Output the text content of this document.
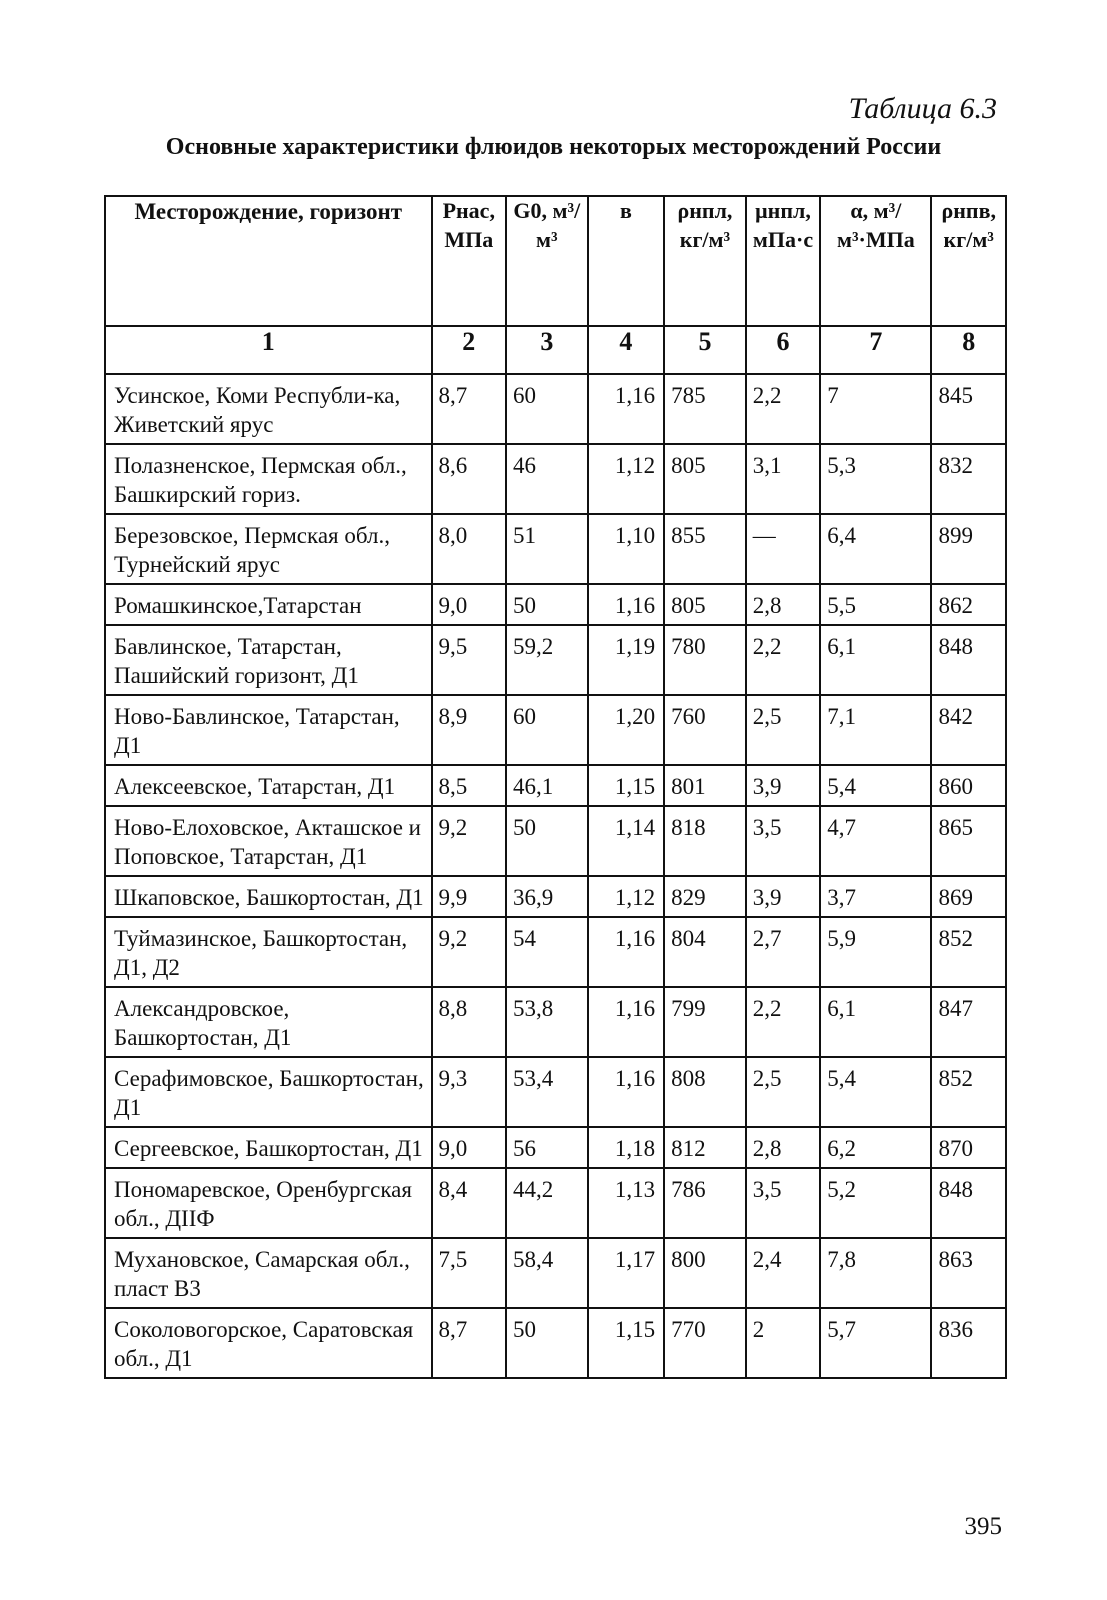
Таблица 6.3
Основные характеристики флюидов некоторых месторождений России
Месторождение, горизонт	Pнас, МПа	G0, м³/м³	в	ρнпл, кг/м³	μнпл, мПа·с	α, м³/м³·МПа	ρнпв, кг/м³
1	2	3	4	5	6	7	8
Усинское, Коми Республи-ка, Живетский ярус	8,7	60	1,16	785	2,2	7	845
Полазненское, Пермская обл., Башкирский гориз.	8,6	46	1,12	805	3,1	5,3	832
Березовское, Пермская обл., Турнейский ярус	8,0	51	1,10	855	—	6,4	899
Ромашкинское,Татарстан	9,0	50	1,16	805	2,8	5,5	862
Бавлинское, Татарстан, Пашийский горизонт, Д1	9,5	59,2	1,19	780	2,2	6,1	848
Ново-Бавлинское, Татарстан, Д1	8,9	60	1,20	760	2,5	7,1	842
Алексеевское, Татарстан, Д1	8,5	46,1	1,15	801	3,9	5,4	860
Ново-Елоховское, Акташское и Поповское, Татарстан, Д1	9,2	50	1,14	818	3,5	4,7	865
Шкаповское, Башкортостан, Д1	9,9	36,9	1,12	829	3,9	3,7	869
Туймазинское, Башкортостан, Д1, Д2	9,2	54	1,16	804	2,7	5,9	852
Александровское, Башкортостан, Д1	8,8	53,8	1,16	799	2,2	6,1	847
Серафимовское, Башкортостан, Д1	9,3	53,4	1,16	808	2,5	5,4	852
Сергеевское, Башкортостан, Д1	9,0	56	1,18	812	2,8	6,2	870
Пономаревское, Оренбургская обл., ДIIФ	8,4	44,2	1,13	786	3,5	5,2	848
Мухановское, Самарская обл., пласт В3	7,5	58,4	1,17	800	2,4	7,8	863
Соколовогорское, Саратовская обл., Д1	8,7	50	1,15	770	2	5,7	836
395
